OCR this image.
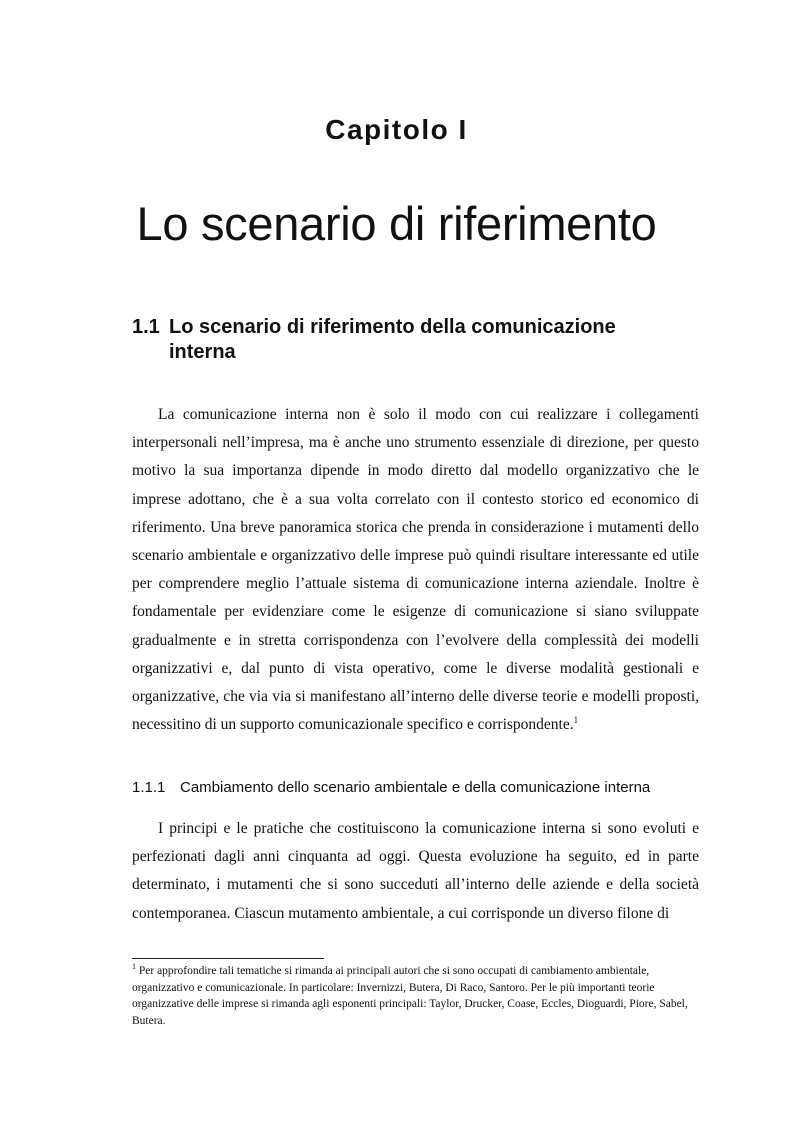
Capitolo I
Lo scenario di riferimento
1.1 Lo scenario di riferimento della comunicazione
interna

La comunicazione interna non è solo il modo con cui realizzare i collegamenti interpersonali nell’impresa, ma è anche uno strumento essenziale di direzione, per questo motivo la sua importanza dipende in modo diretto dal modello organizzativo che le imprese adottano, che è a sua volta correlato con il contesto storico ed economico di riferimento. Una breve panoramica storica che prenda in considerazione i mutamenti dello scenario ambientale e organizzativo delle imprese può quindi risultare interessante ed utile per comprendere meglio l’attuale sistema di comunicazione interna aziendale. Inoltre è fondamentale per evidenziare come le esigenze di comunicazione si siano sviluppate gradualmente e in stretta corrispondenza con l’evolvere della complessità dei modelli organizzativi e, dal punto di vista operativo, come le diverse modalità gestionali e organizzative, che via via si manifestano all’interno delle diverse teorie e modelli proposti, necessitino di un supporto comunicazionale specifico e corrispondente.$^1$

1.1.1 Cambiamento dello scenario ambientale e della comunicazione interna

I principi e le pratiche che costituiscono la comunicazione interna si sono evoluti e perfezionati dagli anni cinquanta ad oggi. Questa evoluzione ha seguito, ed in parte determinato, i mutamenti che si sono succeduti all’interno delle aziende e della società contemporanea. Ciascun mutamento ambientale, a cui corrisponde un diverso filone di

$^1$ Per approfondire tali tematiche si rimanda ai principali autori che si sono occupati di cambiamento ambientale, organizzativo e comunicazionale. In particolare: Invernizzi, Butera, Di Raco, Santoro. Per le più importanti teorie organizzative delle imprese si rimanda agli esponenti principali: Taylor, Drucker, Coase, Eccles, Dioguardi, Piore, Sabel, Butera.
